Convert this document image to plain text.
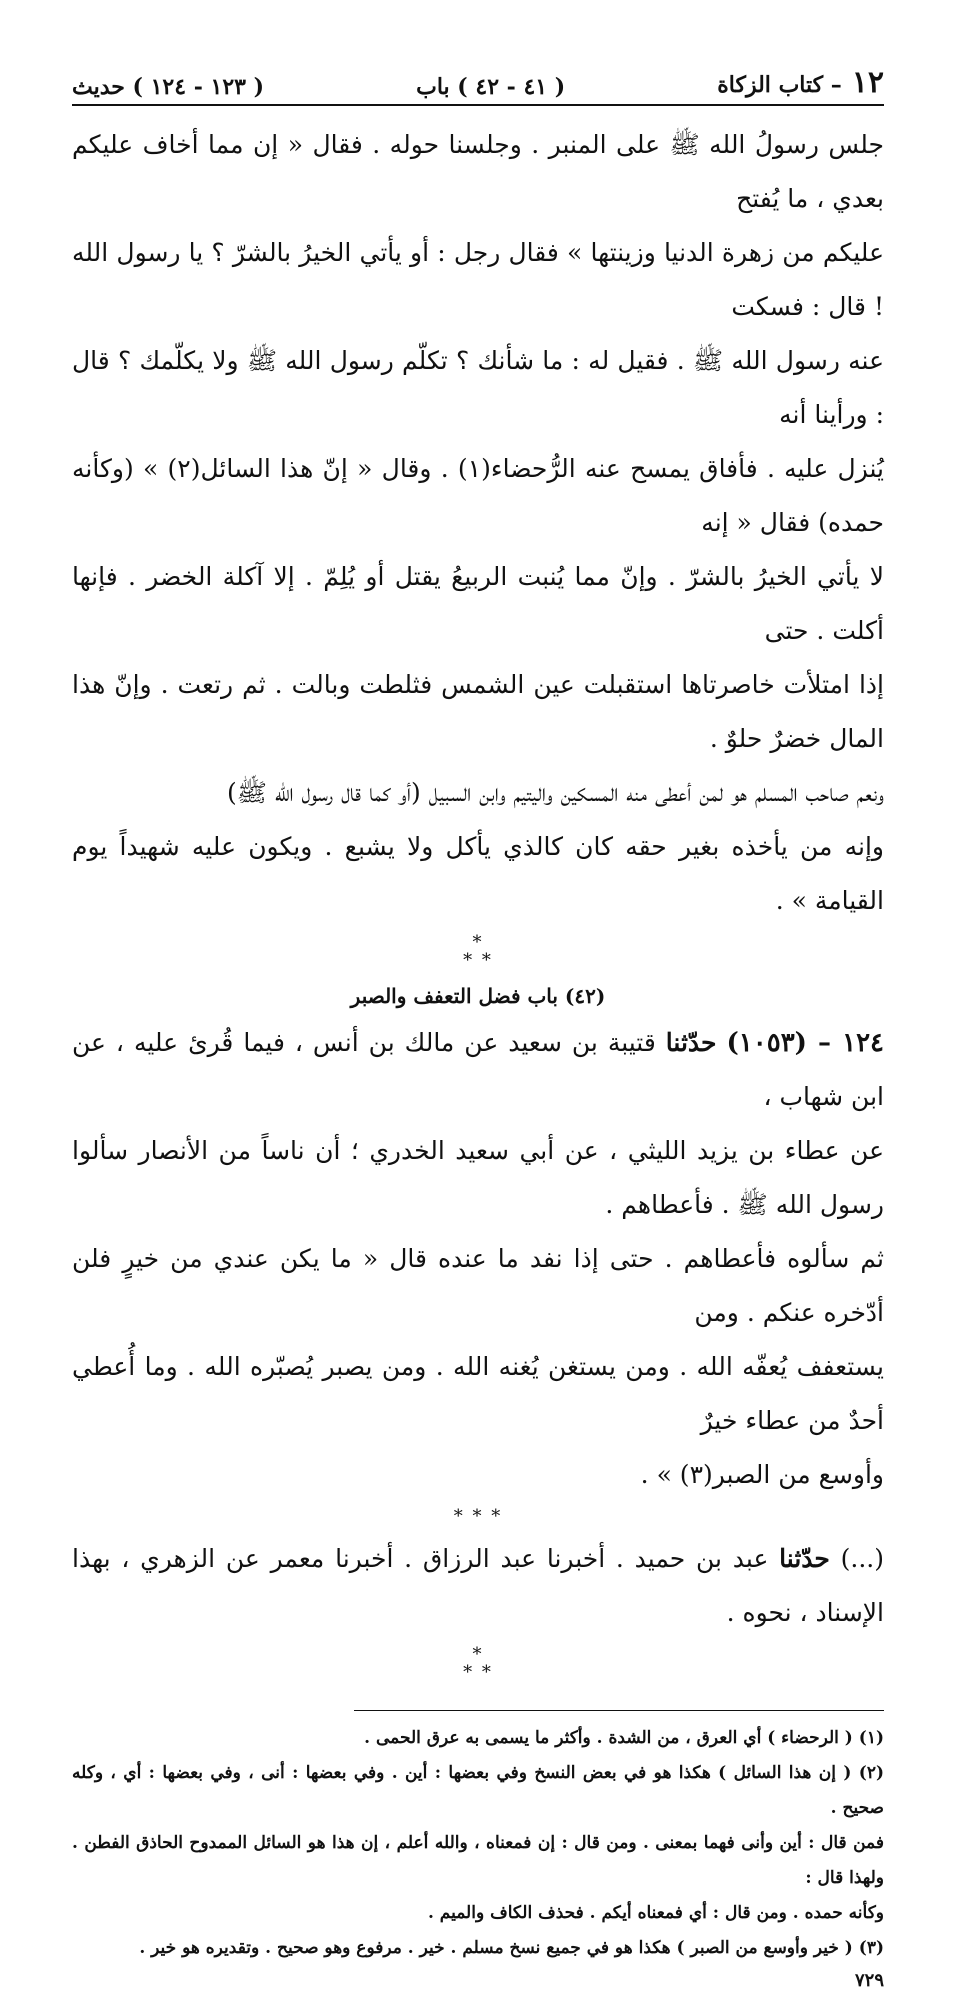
١٢
– كتاب الزكاة
( ٤١ - ٤٢ ) باب
( ١٢٣ - ١٢٤ ) حديث
جلس رسولُ الله ﷺ على المنبر . وجلسنا حوله . فقال « إن مما أخاف عليكم بعدي ، ما يُفتح
عليكم من زهرة الدنيا وزينتها » فقال رجل : أو يأتي الخيرُ بالشرّ ؟ يا رسول الله ! قال : فسكت
عنه رسول الله ﷺ . فقيل له : ما شأنك ؟ تكلّم رسول الله ﷺ ولا يكلّمك ؟ قال : ورأينا أنه
يُنزل عليه . فأفاق يمسح عنه الرُّحضاء(١) . وقال « إنّ هذا السائل(٢) » (وكأنه حمده) فقال « إنه
لا يأتي الخيرُ بالشرّ . وإنّ مما يُنبت الربيعُ يقتل أو يُلِمّ . إلا آكلة الخضر . فإنها أكلت . حتى
إذا امتلأت خاصرتاها استقبلت عين الشمس فثلطت وبالت . ثم رتعت . وإنّ هذا المال خضرٌ حلوٌ .
ونعم صاحب المسلم هو لمن أعطى منه المسكين واليتيم وابن السبيل (أو كما قال رسول الله ﷺ)
وإنه من يأخذه بغير حقه كان كالذي يأكل ولا يشبع . ويكون عليه شهيداً يوم القيامة » .
*
* *
(٤٢) باب فضل التعفف والصبر
١٢٤ – (١٠٥٣) حدّثنا قتيبة بن سعيد عن مالك بن أنس ، فيما قُرئ عليه ، عن ابن شهاب ،
عن عطاء بن يزيد الليثي ، عن أبي سعيد الخدري ؛ أن ناساً من الأنصار سألوا رسول الله ﷺ . فأعطاهم .
ثم سألوه فأعطاهم . حتى إذا نفد ما عنده قال « ما يكن عندي من خيرٍ فلن أدّخره عنكم . ومن
يستعفف يُعفّه الله . ومن يستغن يُغنه الله . ومن يصبر يُصبّره الله . وما أُعطي أحدٌ من عطاء خيرٌ
وأوسع من الصبر(٣) » .
* * *
(...) حدّثنا عبد بن حميد . أخبرنا عبد الرزاق . أخبرنا معمر عن الزهري ، بهذا الإسناد ، نحوه .
*
* *

(١) ( الرحضاء ) أي العرق ، من الشدة . وأكثر ما يسمى به عرق الحمى .

(٢) ( إن هذا السائل ) هكذا هو في بعض النسخ وفي بعضها : أين . وفي بعضها : أنى ، وفي بعضها : أي ، وكله صحيح .

فمن قال : أين وأنى فهما بمعنى . ومن قال : إن فمعناه ، والله أعلم ، إن هذا هو السائل الممدوح الحاذق الفطن . ولهذا قال :

وكأنه حمده . ومن قال : أي فمعناه أيكم . فحذف الكاف والميم .

(٣) ( خير وأوسع من الصبر ) هكذا هو في جميع نسخ مسلم . خير . مرفوع وهو صحيح . وتقديره هو خير .

٧٢٩
